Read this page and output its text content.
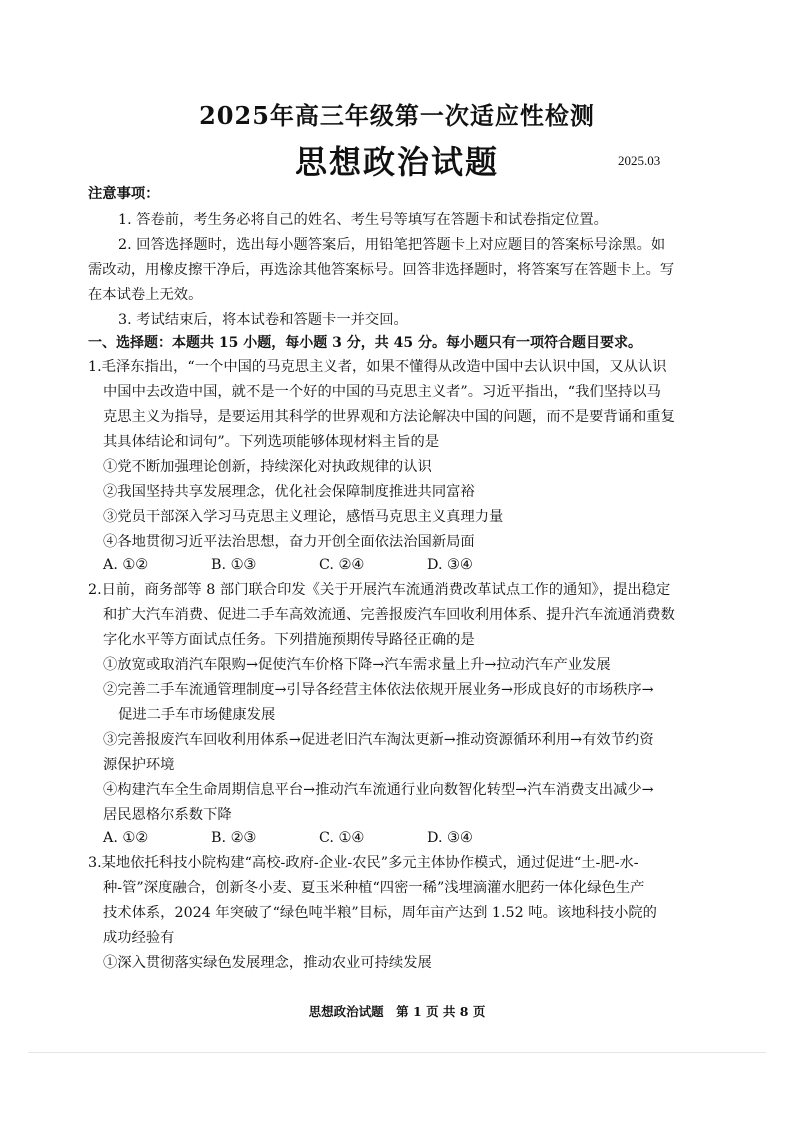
2025年高三年级第一次适应性检测
思想政治试题	2025.03
注意事项：
1. 答卷前，考生务必将自己的姓名、考生号等填写在答题卡和试卷指定位置。
2. 回答选择题时，选出每小题答案后，用铅笔把答题卡上对应题目的答案标号涂黑。如
需改动，用橡皮擦干净后，再选涂其他答案标号。回答非选择题时，将答案写在答题卡上。写
在本试卷上无效。
3. 考试结束后，将本试卷和答题卡一并交回。
一、选择题：本题共 15 小题，每小题 3 分，共 45 分。每小题只有一项符合题目要求。
1.毛泽东指出，“一个中国的马克思主义者，如果不懂得从改造中国中去认识中国，又从认识
中国中去改造中国，就不是一个好的中国的马克思主义者”。习近平指出，“我们坚持以马
克思主义为指导，是要运用其科学的世界观和方法论解决中国的问题，而不是要背诵和重复
其具体结论和词句”。下列选项能够体现材料主旨的是
①党不断加强理论创新，持续深化对执政规律的认识
②我国坚持共享发展理念，优化社会保障制度推进共同富裕
③党员干部深入学习马克思主义理论，感悟马克思主义真理力量
④各地贯彻习近平法治思想，奋力开创全面依法治国新局面
A. ①②	B. ①③	C. ②④	D. ③④
2.日前，商务部等 8 部门联合印发《关于开展汽车流通消费改革试点工作的通知》，提出稳定
和扩大汽车消费、促进二手车高效流通、完善报废汽车回收利用体系、提升汽车流通消费数
字化水平等方面试点任务。下列措施预期传导路径正确的是
①放宽或取消汽车限购→促使汽车价格下降→汽车需求量上升→拉动汽车产业发展
②完善二手车流通管理制度→引导各经营主体依法依规开展业务→形成良好的市场秩序→
促进二手车市场健康发展
③完善报废汽车回收利用体系→促进老旧汽车淘汰更新→推动资源循环利用→有效节约资
源保护环境
④构建汽车全生命周期信息平台→推动汽车流通行业向数智化转型→汽车消费支出减少→
居民恩格尔系数下降
A. ①②	B. ②③	C. ①④	D. ③④
3.某地依托科技小院构建“高校-政府-企业-农民”多元主体协作模式，通过促进“土-肥-水-
种-管”深度融合，创新冬小麦、夏玉米种植“四密一稀”浅埋滴灌水肥药一体化绿色生产
技术体系，2024 年突破了“绿色吨半粮”目标，周年亩产达到 1.52 吨。该地科技小院的
成功经验有
①深入贯彻落实绿色发展理念，推动农业可持续发展
思想政治试题　第 1 页 共 8 页
